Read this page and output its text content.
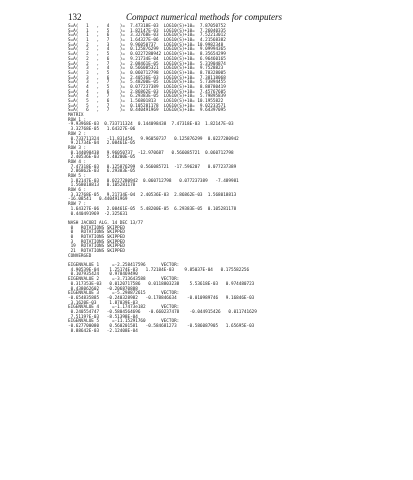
132	Compact numerical methods for computers
S=A(   1   ,   4    )=  7.47318E-03  LOG10(S)+10=  7.87050752
S=A(   1   ,   5    )=  1.82147E-03  LOG10(S)+10=  7.26040335
S=A(   1   ,   6    )=  3.32768E-03  LOG10(S)+10=  7.52213012
S=A(   1   ,   7    )=  1.64327E-06  LOG10(S)+10=  4.21568382
S=A(   2   ,   3    )=  9.96050737   LOG10(S)+10= 10.9982348
S=A(   2   ,   4    )=  0.125876299  LOG10(S)+10=  9.09994365
S=A(   2   ,   5    )=  0.0227280942 LOG10(S)+10=  8.35654299
S=A(   2   ,   6    )=  9.21734E-04  LOG10(S)+10=  6.96460165
S=A(   2   ,   7    )=  2.08461E-05  LOG10(S)+10=  5.31904874
S=A(   3   ,   4    )=  0.566085321  LOG10(S)+10=  9.7528823
S=A(   3   ,   5    )=  0.060712798  LOG10(S)+10=  8.78328005
S=A(   3   ,   6    )=  2.40536E-03  LOG10(S)+10=  7.38118068
S=A(   3   ,   7    )=  5.48200E-05  LOG10(S)+10=  5.73894455
S=A(   4   ,   5    )=  0.077237389  LOG10(S)+10=  8.88780419
S=A(   4   ,   6    )=  2.86862E-03  LOG10(S)+10=  7.45767605
S=A(   4   ,   7    )=  6.29383E-05  LOG10(S)+10=  5.79895839
S=A(   5   ,   6    )=  1.56801813   LOG10(S)+10= 10.1955822
S=A(   5   ,   7    )=  0.105281178  LOG10(S)+10=  9.02233571
S=A(   6   ,   7    )=  0.440491969  LOG10(S)+10=  9.64397095
MATRIX
ROW 1 :
-9.93968E-03  0.733711324  0.144098438  7.47318E-03  1.82147E-03
3.32768E-05   1.64327E-06
ROW 2 :
0.733711324   -11.831454   9.96050737   0.125876299  0.0227280942
9.21734E-04   2.08461E-05
ROW 3 :
0.144098438   9.96050737  -12.970687   0.566085721  0.060712798
2.40536E-03   5.48200E-05
ROW 4 :
7.47318E-03   0.125876299  0.566085721  -17.596207   0.077237389
2.86862E-03   6.29383E-05
ROW 5 :
1.82147E-03   0.0227280942  0.060712798   0.077237389   -7.489981
1.568018813   0.105281178
ROW 6 :
3.32768E-05   9.21734E-04  2.40536E-03  2.86862E-03  1.568018813
-16.08541   0.440491969
ROW 7 :
1.64327E-06   2.08461E-05  5.48200E-05  6.29383E-05  0.105281178
0.440491969  -2.325631
NASH JACOBI ALG. 14 DEC 13/77
0   ROTATIONS SKIPPED
0   ROTATIONS SKIPPED
0   ROTATIONS SKIPPED
3   ROTATIONS SKIPPED
19  ROTATIONS SKIPPED
21  ROTATIONS SKIPPED
CONVERGED
EIGENVALUE 1     =-2.258417596      VECTOR:
4.90539E-04    1.25174E-03   1.72184E-03    9.85037E-04   0.175582256
0.107935424    0.978469490
EIGENVALUE 2     =-3.713643588      VECTOR:
0.317353E-03   0.0120717586   0.0118803238    5.53618E-03   0.974480723
0.438062602   -0.206870888
EIGENVALUE 3     =-5.298872615      VECTOR:
-0.654835885   -0.240328982   -0.178846634    -0.010989746   9.16846E-03
3.1620E-03     1.87039E-03
EIGENVALUE 4     =-1.17473e182      VECTOR:
0.240554747   -0.5804564696   -0.660237478    -0.044915426   0.011741629
7.5119?E-03   -8.51398E-04
EIGENVALUE 5     =-11.15291760      VECTOR:
-0.627700080    0.560201581   -0.584681273    -0.586087905   1.65695E-03
8.88642E-03   -2.12408E-04
